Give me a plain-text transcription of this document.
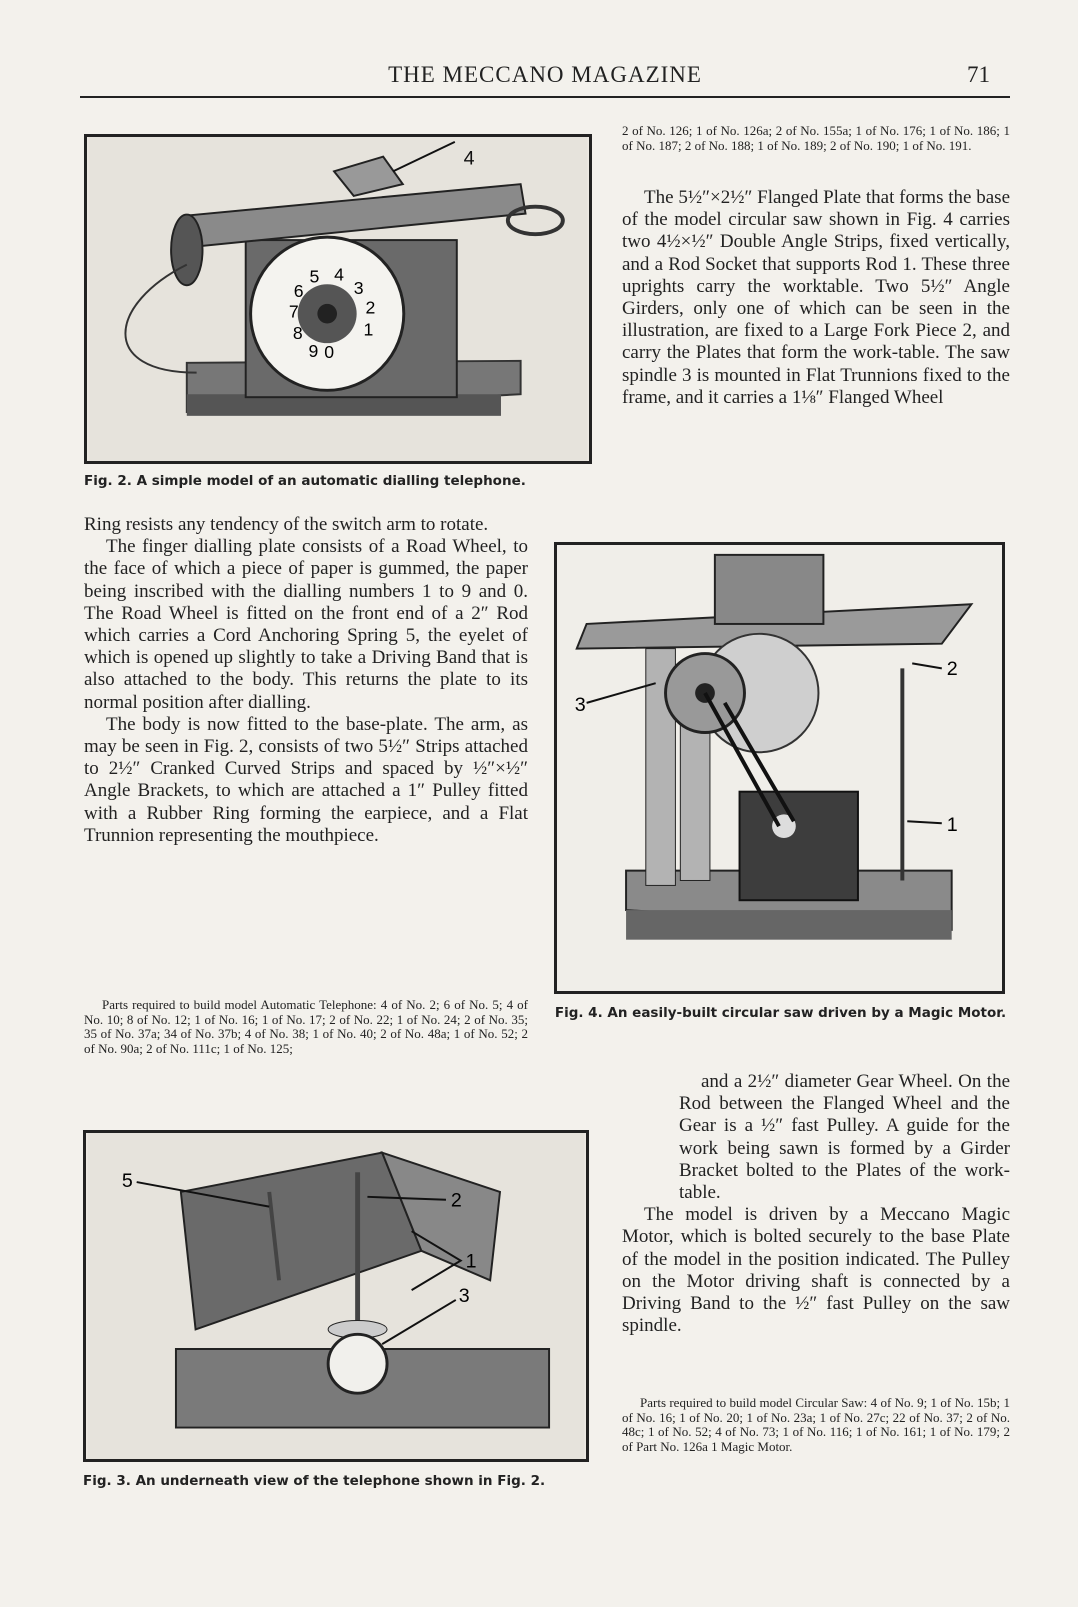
THE MECCANO MAGAZINE	71
4
5 4
3
2
1
0
9
8
7
6
Fig. 2. A simple model of an automatic dialling telephone.

2 of No. 126; 1 of No. 126a; 2 of No. 155a; 1 of No. 176; 1 of No. 186; 1 of No. 187; 2 of No. 188; 1 of No. 189; 2 of No. 190; 1 of No. 191.

The 5½″×2½″ Flanged Plate that forms the base of the model circular saw shown in Fig. 4 carries two 4½×½″ Double Angle Strips, fixed vertically, and a Rod Socket that supports Rod 1. These three uprights carry the worktable. Two 5½″ Angle Girders, only one of which can be seen in the illustration, are fixed to a Large Fork Piece 2, and carry the Plates that form the work-table. The saw spindle 3 is mounted in Flat Trunnions fixed to the frame, and it carries a 1⅛″ Flanged Wheel

Ring resists any tendency of the switch arm to rotate.

The finger dialling plate consists of a Road Wheel, to the face of which a piece of paper is gummed, the paper being inscribed with the dialling numbers 1 to 9 and 0. The Road Wheel is fitted on the front end of a 2″ Rod which carries a Cord Anchoring Spring 5, the eyelet of which is opened up slightly to take a Driving Band that is also attached to the body. This returns the plate to its normal position after dialling.

The body is now fitted to the base-plate. The arm, as may be seen in Fig. 2, consists of two 5½″ Strips attached to 2½″ Cranked Curved Strips and spaced by ½″×½″ Angle Brackets, to which are attached a 1″ Pulley fitted with a Rubber Ring forming the earpiece, and a Flat Trunnion representing the mouthpiece.

3
2
1
Fig. 4. An easily-built circular saw driven by a Magic Motor.

Parts required to build model Automatic Telephone: 4 of No. 2; 6 of No. 5; 4 of No. 10; 8 of No. 12; 1 of No. 16; 1 of No. 17; 2 of No. 22; 1 of No. 24; 2 of No. 35; 35 of No. 37a; 34 of No. 37b; 4 of No. 38; 1 of No. 40; 2 of No. 48a; 1 of No. 52; 2 of No. 90a; 2 of No. 111c; 1 of No. 125;

and a 2½″ diameter Gear Wheel. On the Rod between the Flanged Wheel and the Gear is a ½″ fast Pulley. A guide for the work being sawn is formed by a Girder Bracket bolted to the Plates of the work-table.

The model is driven by a Meccano Magic Motor, which is bolted securely to the base Plate of the model in the position indicated. The Pulley on the Motor driving shaft is connected by a Driving Band to the ½″ fast Pulley on the saw spindle.

5
2
1
3
Fig. 3. An underneath view of the telephone shown in Fig. 2.

Parts required to build model Circular Saw: 4 of No. 9; 1 of No. 15b; 1 of No. 16; 1 of No. 20; 1 of No. 23a; 1 of No. 27c; 22 of No. 37; 2 of No. 48c; 1 of No. 52; 4 of No. 73; 1 of No. 116; 1 of No. 161; 1 of No. 179; 2 of Part No. 126a 1 Magic Motor.
